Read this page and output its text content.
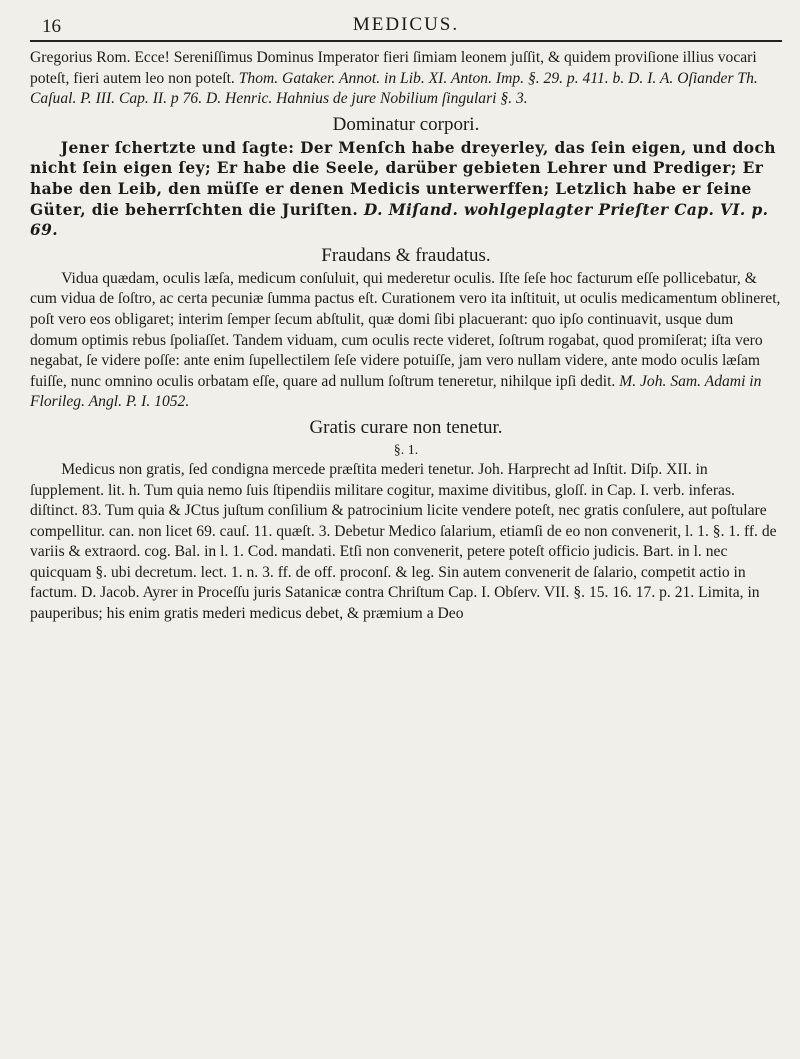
16	MEDICUS.
Gregorius Rom. Ecce! Sereniſſimus Dominus Imperator fieri ſimiam leonem juſſit, & quidem proviſione illius vocari poteſt, fieri autem leo non poteſt. Thom. Gataker. Annot. in Lib. XI. Anton. Imp. §. 29. p. 411. b. D. I. A. Oſiander Th. Caſual. P. III. Cap. II. p 76. D. Henric. Hahnius de jure Nobilium ſingulari §. 3.
Dominatur corpori.
Jener ſchertzte und ſagte: Der Menſch habe dreyerley, das ſein eigen, und doch nicht ſein eigen ſey; Er habe die Seele, darüber gebieten Lehrer und Prediger; Er habe den Leib, den müſſe er denen Medicis unterwerffen; Letzlich habe er ſeine Güter, die beherrſchten die Juriſten. D. Miſand. wohlgeplagter Prieſter Cap. VI. p. 69.
Fraudans & fraudatus.
Vidua quædam, oculis læſa, medicum conſuluit, qui mederetur oculis. Iſte ſeſe hoc facturum eſſe pollicebatur, & cum vidua de ſoſtro, ac certa pecuniæ ſumma pactus eſt. Curationem vero ita inſtituit, ut oculis medicamentum oblineret, poſt vero eos obligaret; interim ſemper ſecum abſtulit, quæ domi ſibi placuerant: quo ipſo continuavit, usque dum domum optimis rebus ſpoliaſſet. Tandem viduam, cum oculis recte videret, ſoſtrum rogabat, quod promiſerat; iſta vero negabat, ſe videre poſſe: ante enim ſupellectilem ſeſe videre potuiſſe, jam vero nullam videre, ante modo oculis læſam fuiſſe, nunc omnino oculis orbatam eſſe, quare ad nullum ſoſtrum teneretur, nihilque ipſi dedit. M. Joh. Sam. Adami in Florileg. Angl. P. I. 1052.
Gratis curare non tenetur.
§. 1.
Medicus non gratis, ſed condigna mercede præſtita mederi tenetur. Joh. Harprecht ad Inſtit. Diſp. XII. in ſupplement. lit. h. Tum quia nemo ſuis ſtipendiis militare cogitur, maxime divitibus, gloſſ. in Cap. I. verb. inferas. diſtinct. 83. Tum quia & JCtus juſtum conſilium & patrocinium licite vendere poteſt, nec gratis conſulere, aut poſtulare compellitur. can. non licet 69. cauſ. 11. quæſt. 3. Debetur Medico ſalarium, etiamſi de eo non convenerit, l. 1. §. 1. ff. de variis & extraord. cog. Bal. in l. 1. Cod. mandati. Etſi non convenerit, petere poteſt officio judicis. Bart. in l. nec quicquam §. ubi decretum. lect. 1. n. 3. ff. de off. proconſ. & leg. Sin autem convenerit de ſalario, competit actio in factum. D. Jacob. Ayrer in Proceſſu juris Satanicæ contra Chriſtum Cap. I. Obſerv. VII. §. 15. 16. 17. p. 21. Limita, in pauperibus; his enim gratis mederi medicus debet, & præmium a Deo
